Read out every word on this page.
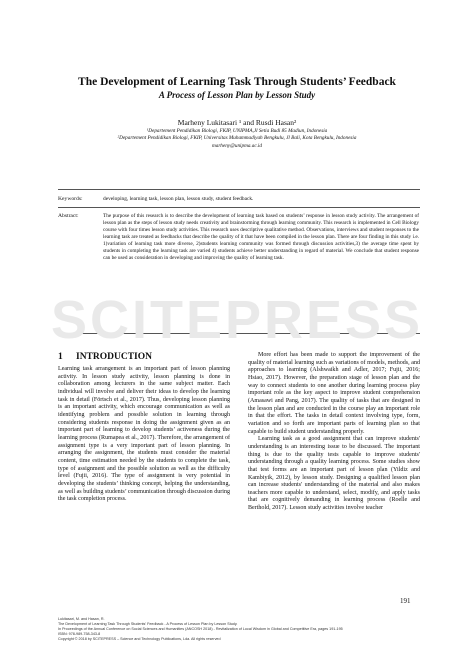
The Development of Learning Task Through Students’ Feedback
A Process of Lesson Plan by Lesson Study
Marheny Lukitasari ¹ and Rusdi Hasan²
¹Departement Pendidikan Biologi, FKIP, UNIPMA,Jl Setia Budi 85 Madiun, Indonesia
²Departement Pendidikan Biologi, FKIP, Universitas Muhammadiyah Bengkulu, Jl Bali, Kota Bengkulu, Indonesia
marheny@unipma.ac.id
Keywords:	developing, learning task, lesson plan, lesson study, student feedback.
Abstract:	The purpose of this research is to describe the development of learning task based on students’ response in lesson study activity. The arrangement of lesson plan as the steps of lesson study needs creativity and brainstorming through learning community. This research is implemented in Cell Biology course with four times lesson study activities. This research uses descriptive qualitative method. Observations, interviews and student responses to the learning task are treated as feedbacks that describe the quality of it that have been compiled in the lesson plan. There are four finding in this study i.e. 1)variation of learning task more diverse, 2)students learning community was formed through discussion activities,3) the average time spent by students in completing the learning task are varied 4) students achieve better understanding in regard of material. We conclude that student response can be used as consideration in developing and improving the quality of learning task.
SCITEPRESS
1 INTRODUCTION

Learning task arrangement is an important part of lesson planning activity. In lesson study activity, lesson planning is done in collaboration among lecturers in the same subject matter. Each individual will involve and deliver their ideas to develop the learning task in detail (Förtsch et al., 2017). Thus, developing lesson planning is an important activity, which encourage communication as well as identifying problem and possible solution in learning through considering students response in doing the assignment given as an important part of learning to develop students’ activeness during the learning process (Rumapea et al., 2017). Therefore, the arrangement of assignment type is a very important part of lesson planning. In arranging the assignment, the students must consider the material content, time estimation needed by the students to complete the task, type of assignment and the possible solution as well as the difficulty level (Fujii, 2016). The type of assignment is very potential in developing the students’ thinking concept, helping the understanding, as well as building students’ communication through discussion during the task completion process.

More effort has been made to support the improvement of the quality of material learning such as variations of models, methods, and approaches to learning (Alshwaikh and Adler, 2017; Fujii, 2016; Hsiao, 2017). However, the preparation stage of lesson plan and the way to connect students to one another during learning process play important role as the key aspect to improve student comprehension (Amasawi and Pang, 2017). The quality of tasks that are designed in the lesson plan and are conducted in the course play an important role in that the effort. The tasks in detail context involving type, form, variation and so forth are important parts of learning plan so that capable to build student understanding properly.

Learning task as a good assignment that can improve students' understanding is an interesting issue to be discussed. The important thing is due to the quality tests capable to improve students' understanding through a quality learning process. Some studies show that test forms are an important part of lesson plan (Yildiz and Kambiyik, 2012), by lesson study. Designing a qualified lesson plan can increase students' understanding of the material and also makes teachers more capable to understand, select, modify, and apply tasks that are cognitively demanding in learning process (Roelle and Berthold, 2017). Lesson study activities involve teacher

191
Lukitasari, M. and Hasan, R.
The Development of Learning Task Through Students’ Feedback - A Process of Lesson Plan by Lesson Study.
In Proceedings of the Annual Conference on Social Sciences and Humanities (ANCOSH 2018) - Revitalization of Local Wisdom in Global and Competitive Era, pages 191-195
ISBN: 978-989-758-343-8
Copyright © 2018 by SCITEPRESS – Science and Technology Publications, Lda. All rights reserved
